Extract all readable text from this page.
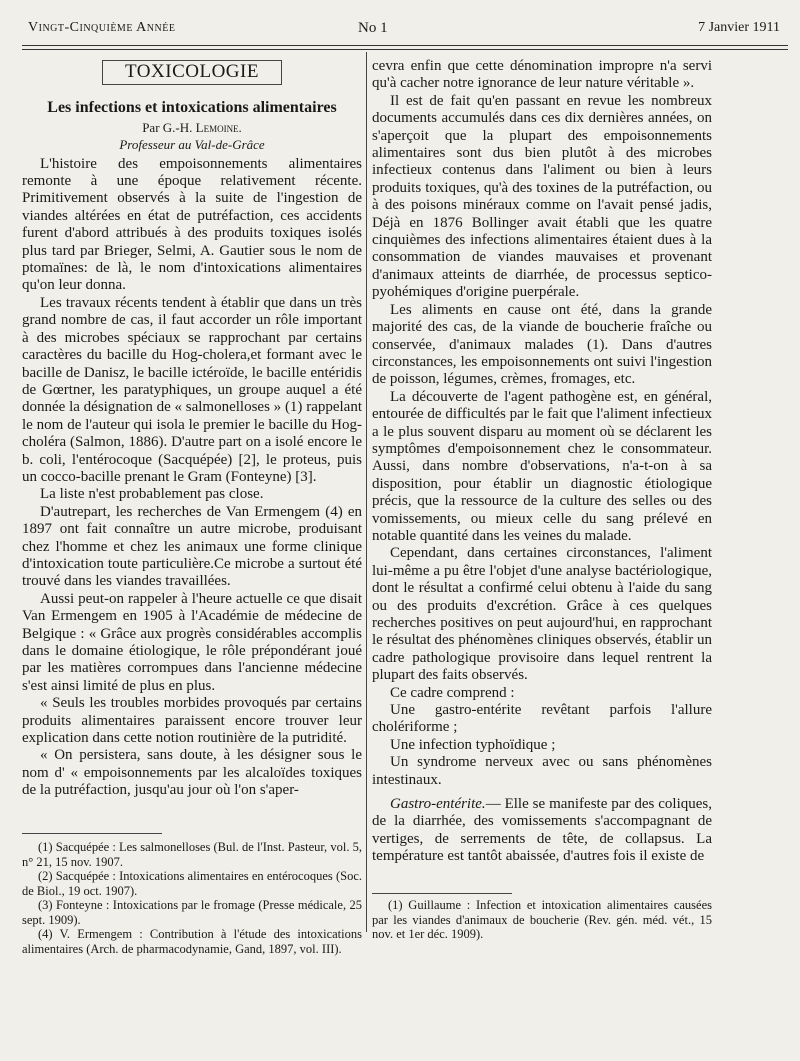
Vingt-Cinquième Année	No 1	7 Janvier 1911
TOXICOLOGIE
Les infections et intoxications alimentaires

Par G.-H. Lemoine.

Professeur au Val-de-Grâce

L'histoire des empoisonnements alimentaires remonte à une époque relativement récente. Primitivement observés à la suite de l'ingestion de viandes altérées en état de putréfaction, ces accidents furent d'abord attribués à des produits toxiques isolés plus tard par Brieger, Selmi, A. Gautier sous le nom de ptomaïnes: de là, le nom d'intoxications alimentaires qu'on leur donna.

Les travaux récents tendent à établir que dans un très grand nombre de cas, il faut accorder un rôle important à des microbes spéciaux se rapprochant par certains caractères du bacille du Hog-cholera,et formant avec le bacille de Danisz, le bacille ictéroïde, le bacille entéridis de Gœrtner, les paratyphiques, un groupe auquel a été donnée la désignation de « salmonelloses » (1) rappelant le nom de l'auteur qui isola le premier le bacille du Hog-choléra (Salmon, 1886). D'autre part on a isolé encore le b. coli, l'entérocoque (Sacquépée) [2], le proteus, puis un cocco-bacille prenant le Gram (Fonteyne) [3].

La liste n'est probablement pas close.

D'autrepart, les recherches de Van Ermengem (4) en 1897 ont fait connaître un autre microbe, produisant chez l'homme et chez les animaux une forme clinique d'intoxication toute particulière.Ce microbe a surtout été trouvé dans les viandes travaillées.

Aussi peut-on rappeler à l'heure actuelle ce que disait Van Ermengem en 1905 à l'Académie de médecine de Belgique : « Grâce aux progrès considérables accomplis dans le domaine étiologique, le rôle prépondérant joué par les matières corrompues dans l'ancienne médecine s'est ainsi limité de plus en plus.

« Seuls les troubles morbides provoqués par certains produits alimentaires paraissent encore trouver leur explication dans cette notion routinière de la putridité.

« On persistera, sans doute, à les désigner sous le nom d' « empoisonnements par les alcaloïdes toxiques de la putréfaction, jusqu'au jour où l'on s'aper-

cevra enfin que cette dénomination impropre n'a servi qu'à cacher notre ignorance de leur nature véritable ».

Il est de fait qu'en passant en revue les nombreux documents accumulés dans ces dix dernières années, on s'aperçoit que la plupart des empoisonnements alimentaires sont dus bien plutôt à des microbes infectieux contenus dans l'aliment ou bien à leurs produits toxiques, qu'à des toxines de la putréfaction, ou à des poisons minéraux comme on l'avait pensé jadis, Déjà en 1876 Bollinger avait établi que les quatre cinquièmes des infections alimentaires étaient dues à la consommation de viandes mauvaises et provenant d'animaux atteints de diarrhée, de processus septico-pyohémiques d'origine puerpérale.

Les aliments en cause ont été, dans la grande majorité des cas, de la viande de boucherie fraîche ou conservée, d'animaux malades (1). Dans d'autres circonstances, les empoisonnements ont suivi l'ingestion de poisson, légumes, crèmes, fromages, etc.

La découverte de l'agent pathogène est, en général, entourée de difficultés par le fait que l'aliment infectieux a le plus souvent disparu au moment où se déclarent les symptômes d'empoisonnement chez le consommateur. Aussi, dans nombre d'observations, n'a-t-on à sa disposition, pour établir un diagnostic étiologique précis, que la ressource de la culture des selles ou des vomissements, ou mieux celle du sang prélevé en notable quantité dans les veines du malade.

Cependant, dans certaines circonstances, l'aliment lui-même a pu être l'objet d'une analyse bactériologique, dont le résultat a confirmé celui obtenu à l'aide du sang ou des produits d'excrétion. Grâce à ces quelques recherches positives on peut aujourd'hui, en rapprochant le résultat des phénomènes cliniques observés, établir un cadre pathologique provisoire dans lequel rentrent la plupart des faits observés.

Ce cadre comprend :

Une gastro-entérite revêtant parfois l'allure cholériforme ;

Une infection typhoïdique ;

Un syndrome nerveux avec ou sans phénomènes intestinaux.

Gastro-entérite.— Elle se manifeste par des coliques, de la diarrhée, des vomissements s'accompagnant de vertiges, de serrements de tête, de collapsus. La température est tantôt abaissée, d'autres fois il existe de

(1) Sacquépée : Les salmonelloses (Bul. de l'Inst. Pasteur, vol. 5, n° 21, 15 nov. 1907.

(2) Sacquépée : Intoxications alimentaires en entérocoques (Soc. de Biol., 19 oct. 1907).

(3) Fonteyne : Intoxications par le fromage (Presse médicale, 25 sept. 1909).

(4) V. Ermengem : Contribution à l'étude des intoxications alimentaires (Arch. de pharmacodynamie, Gand, 1897, vol. III).

(1) Guillaume : Infection et intoxication alimentaires causées par les viandes d'animaux de boucherie (Rev. gén. méd. vét., 15 nov. et 1er déc. 1909).
